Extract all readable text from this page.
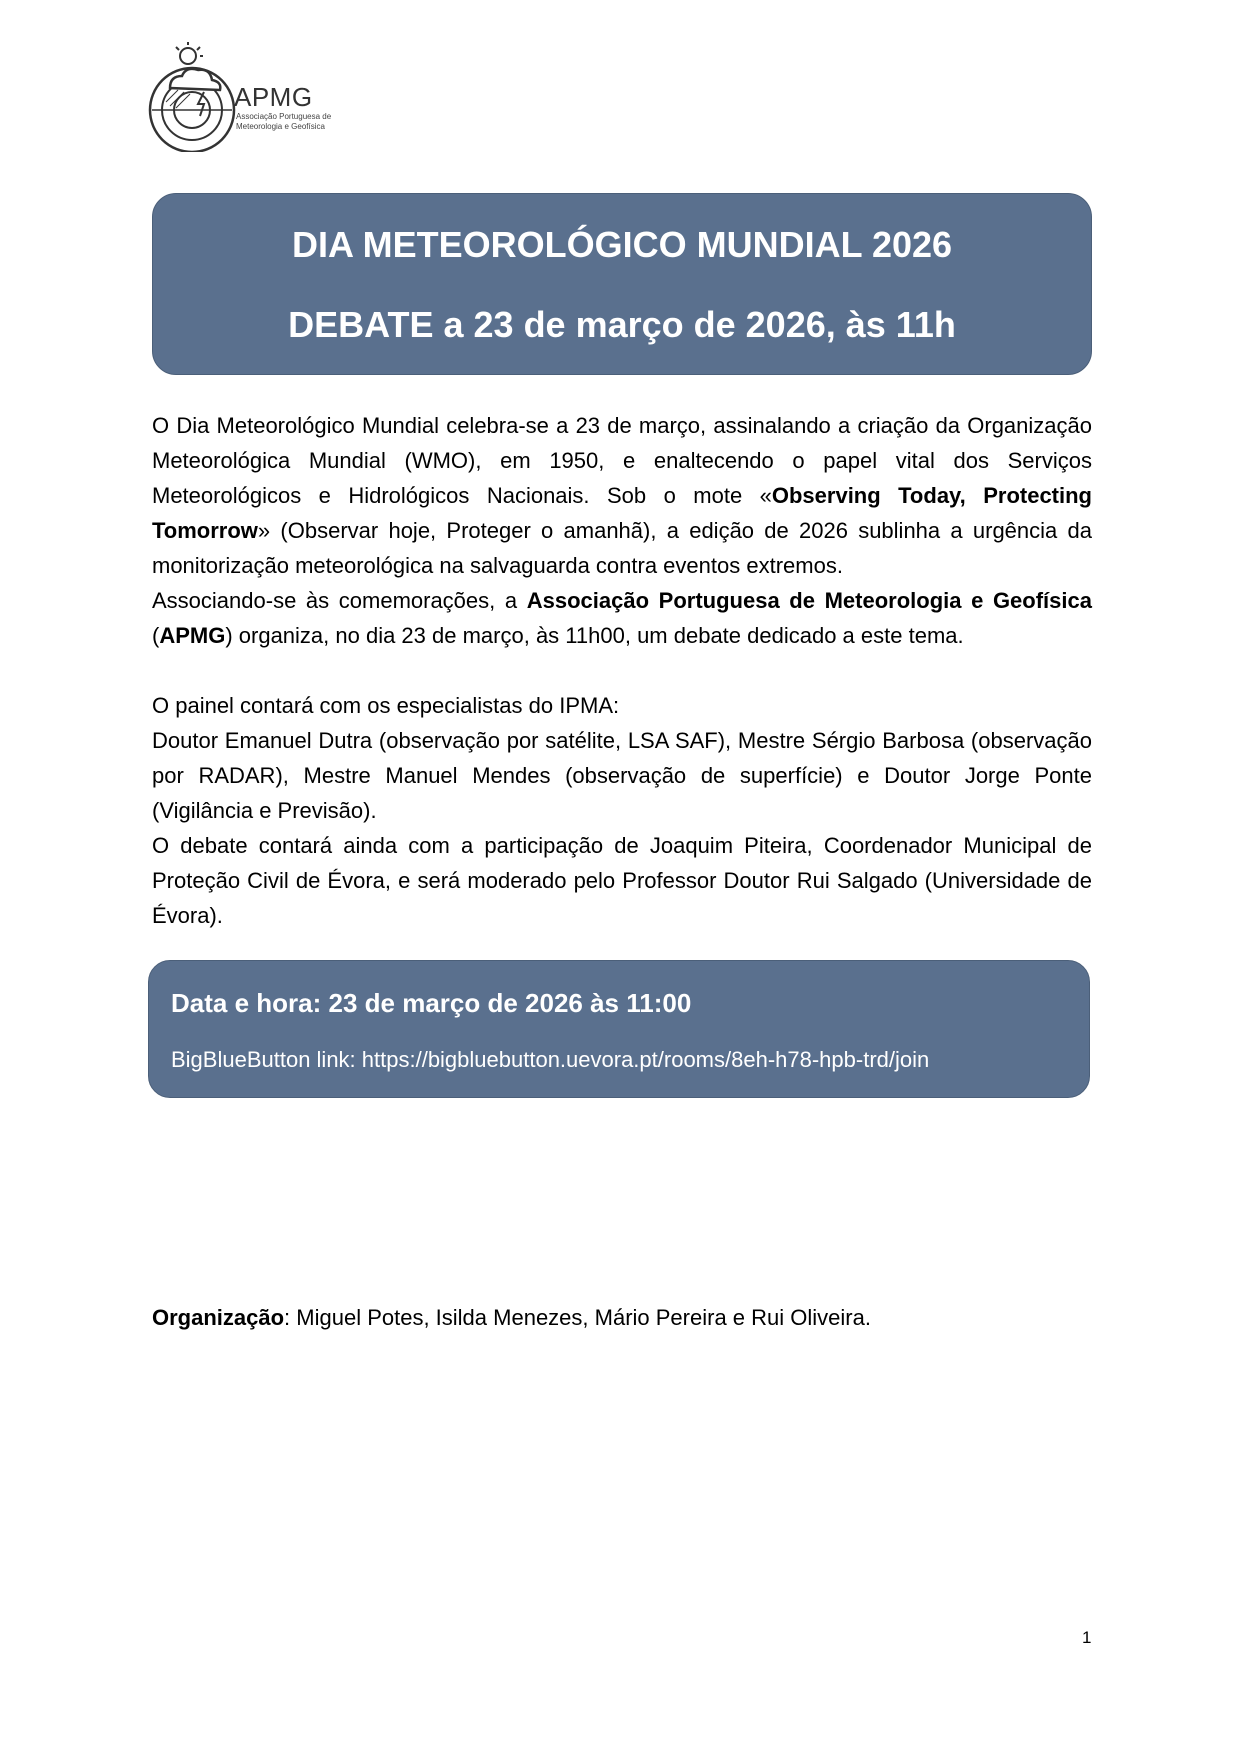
APMG
Associação Portuguesa de
Meteorologia e Geofísica
DIA METEOROLÓGICO MUNDIAL 2026
DEBATE a 23 de março de 2026, às 11h

O Dia Meteorológico Mundial celebra-se a 23 de março, assinalando a criação da Organização Meteorológica Mundial (WMO), em 1950, e enaltecendo o papel vital dos Serviços Meteorológicos e Hidrológicos Nacionais. Sob o mote «Observing Today, Protecting Tomorrow» (Observar hoje, Proteger o amanhã), a edição de 2026 sublinha a urgência da monitorização meteorológica na salvaguarda contra eventos extremos.

Associando-se às comemorações, a Associação Portuguesa de Meteorologia e Geofísica (APMG) organiza, no dia 23 de março, às 11h00, um debate dedicado a este tema.

O painel contará com os especialistas do IPMA:

Doutor Emanuel Dutra (observação por satélite, LSA SAF), Mestre Sérgio Barbosa (observação por RADAR), Mestre Manuel Mendes (observação de superfície) e Doutor Jorge Ponte (Vigilância e Previsão).

O debate contará ainda com a participação de Joaquim Piteira, Coordenador Municipal de Proteção Civil de Évora, e será moderado pelo Professor Doutor Rui Salgado (Universidade de Évora).

Data e hora: 23 de março de 2026 às 11:00
BigBlueButton link: https://bigbluebutton.uevora.pt/rooms/8eh-h78-hpb-trd/join
Organização: Miguel Potes, Isilda Menezes, Mário Pereira e Rui Oliveira.
1
